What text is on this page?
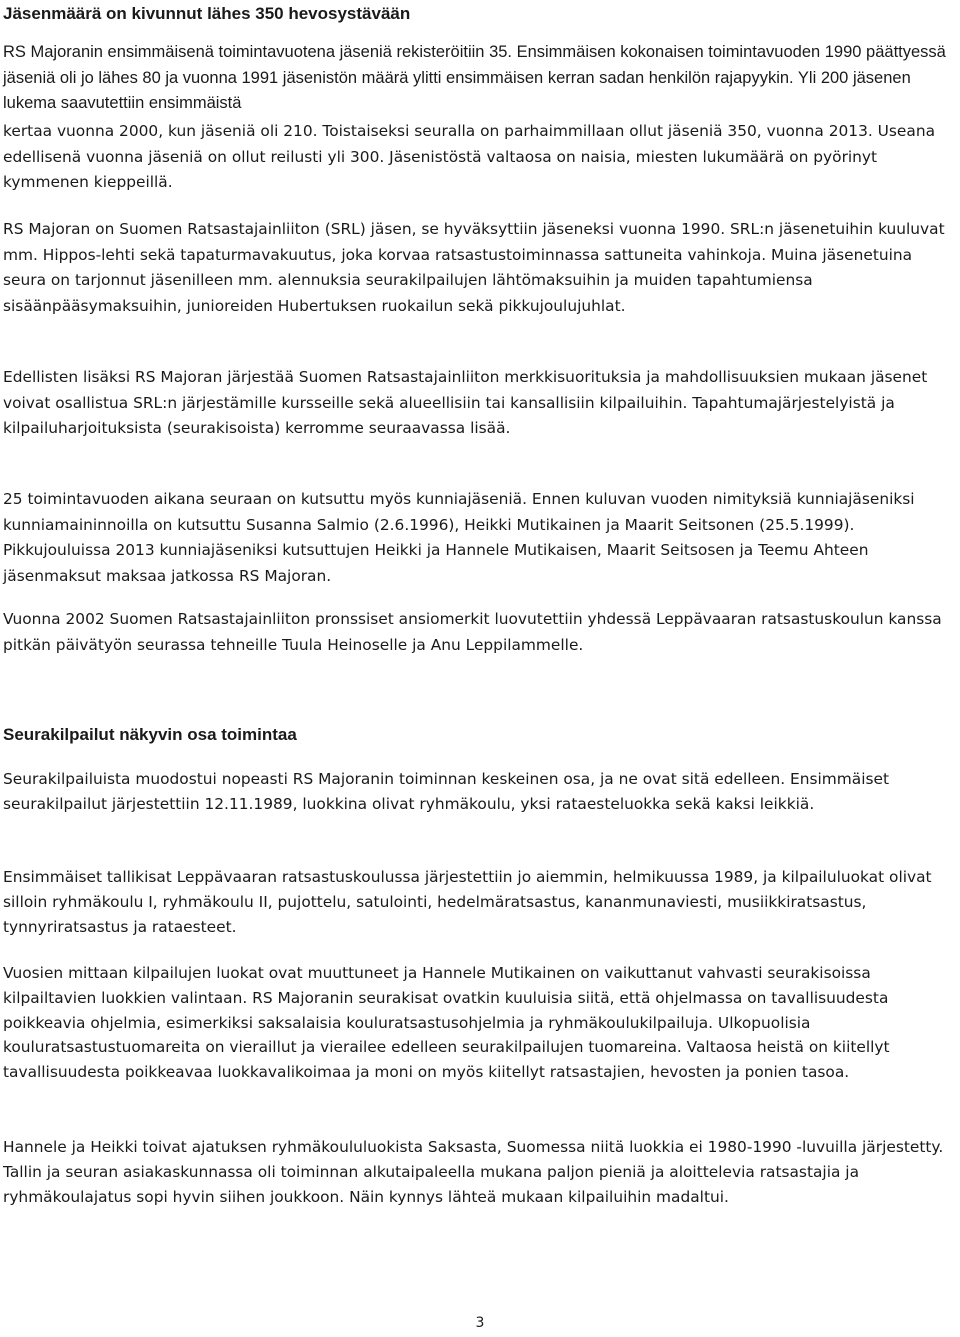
Jäsenmäärä on kivunnut lähes 350 hevosystävään

RS Majoranin ensimmäisenä toimintavuotena jäseniä rekisteröitiin 35. Ensimmäisen kokonaisen toimintavuoden 1990 päättyessä jäseniä oli jo lähes 80 ja vuonna 1991 jäsenistön määrä ylitti ensimmäisen kerran sadan henkilön rajapyykin. Yli 200 jäsenen lukema saavutettiin ensimmäistä

kertaa vuonna 2000, kun jäseniä oli 210. Toistaiseksi seuralla on parhaimmillaan ollut jäseniä 350, vuonna 2013. Useana edellisenä vuonna jäseniä on ollut reilusti yli 300. Jäsenistöstä valtaosa on naisia, miesten lukumäärä on pyörinyt kymmenen kieppeillä.

RS Majoran on Suomen Ratsastajainliiton (SRL) jäsen, se hyväksyttiin jäseneksi vuonna 1990. SRL:n jäsenetuihin kuuluvat mm. Hippos-lehti sekä tapaturmavakuutus, joka korvaa ratsastustoiminnassa sattuneita vahinkoja. Muina jäsenetuina seura on tarjonnut jäsenilleen mm. alennuksia seurakilpailujen lähtömaksuihin ja muiden tapahtumiensa sisäänpääsymaksuihin, junioreiden Hubertuksen ruokailun sekä pikkujoulujuhlat.

Edellisten lisäksi RS Majoran järjestää Suomen Ratsastajainliiton merkkisuorituksia ja mahdollisuuksien mukaan jäsenet voivat osallistua SRL:n järjestämille kursseille sekä alueellisiin tai kansallisiin kilpailuihin. Tapahtumajärjestelyistä ja kilpailuharjoituksista (seurakisoista) kerromme seuraavassa lisää.

25 toimintavuoden aikana seuraan on kutsuttu myös kunniajäseniä. Ennen kuluvan vuoden nimityksiä kunniajäseniksi kunniamaininnoilla on kutsuttu Susanna Salmio (2.6.1996), Heikki Mutikainen ja Maarit Seitsonen (25.5.1999). Pikkujouluissa 2013 kunniajäseniksi kutsuttujen Heikki ja Hannele Mutikaisen, Maarit Seitsosen ja Teemu Ahteen jäsenmaksut maksaa jatkossa RS Majoran.

Vuonna 2002 Suomen Ratsastajainliiton pronssiset ansiomerkit luovutettiin yhdessä Leppävaaran ratsastuskoulun kanssa pitkän päivätyön seurassa tehneille Tuula Heinoselle ja Anu Leppilammelle.

Seurakilpailut näkyvin osa toimintaa

Seurakilpailuista muodostui nopeasti RS Majoranin toiminnan keskeinen osa, ja ne ovat sitä edelleen. Ensimmäiset seurakilpailut järjestettiin 12.11.1989, luokkina olivat ryhmäkoulu, yksi rataesteluokka sekä kaksi leikkiä.

Ensimmäiset tallikisat Leppävaaran ratsastuskoulussa järjestettiin jo aiemmin, helmikuussa 1989, ja kilpailuluokat olivat silloin ryhmäkoulu I, ryhmäkoulu II, pujottelu, satulointi, hedelmäratsastus, kananmunaviesti, musiikkiratsastus, tynnyriratsastus ja rataesteet.

Vuosien mittaan kilpailujen luokat ovat muuttuneet ja Hannele Mutikainen on vaikuttanut vahvasti seurakisoissa kilpailtavien luokkien valintaan. RS Majoranin seurakisat ovatkin kuuluisia siitä, että ohjelmassa on tavallisuudesta poikkeavia ohjelmia, esimerkiksi saksalaisia kouluratsastusohjelmia ja ryhmäkoulukilpailuja. Ulkopuolisia kouluratsastustuomareita on vieraillut ja vierailee edelleen seurakilpailujen tuomareina. Valtaosa heistä on kiitellyt tavallisuudesta poikkeavaa luokkavalikoimaa ja moni on myös kiitellyt ratsastajien, hevosten ja ponien tasoa.

Hannele ja Heikki toivat ajatuksen ryhmäkoululuokista Saksasta, Suomessa niitä luokkia ei 1980-1990 -luvuilla järjestetty. Tallin ja seuran asiakaskunnassa oli toiminnan alkutaipaleella mukana paljon pieniä ja aloittelevia ratsastajia ja ryhmäkoulajatus sopi hyvin siihen joukkoon. Näin kynnys lähteä mukaan kilpailuihin madaltui.

3
